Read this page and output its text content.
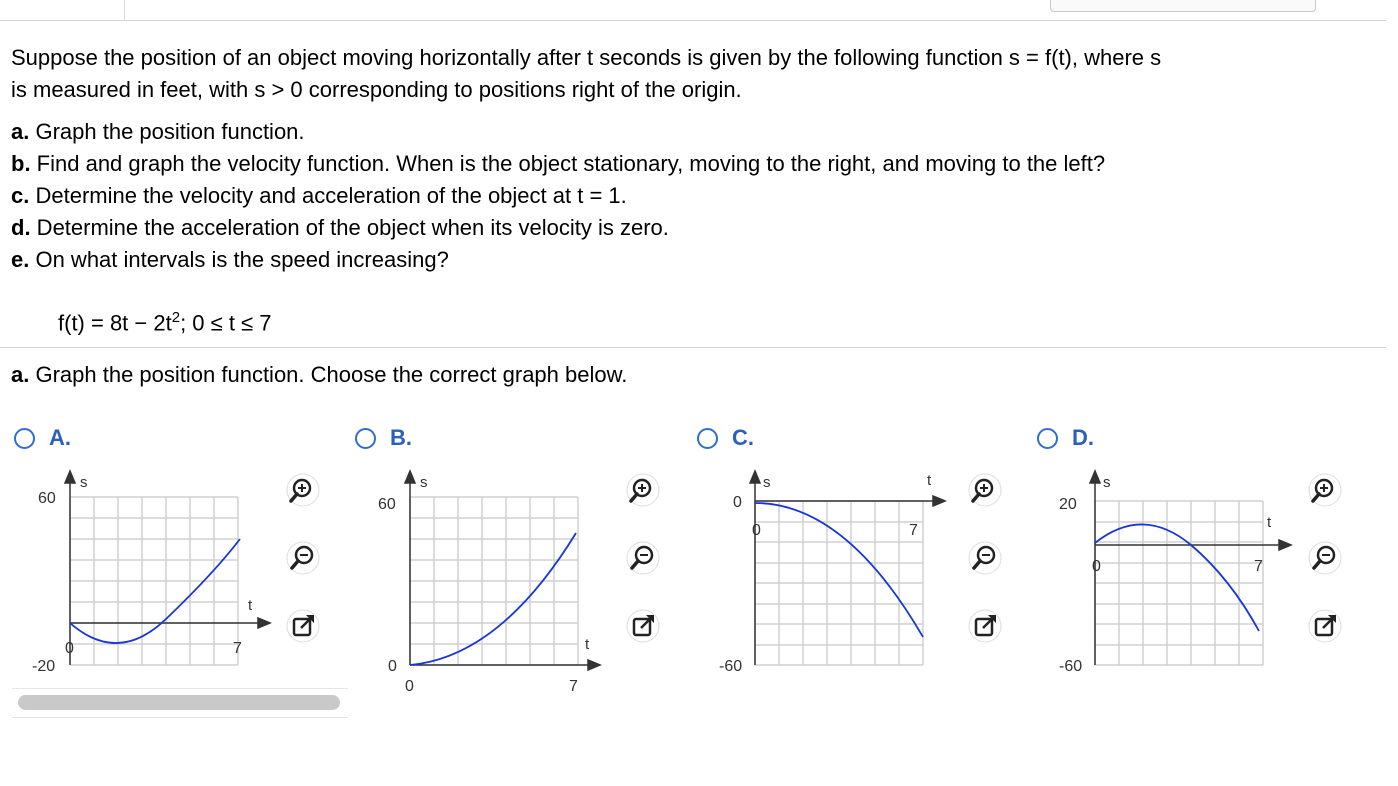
Suppose the position of an object moving horizontally after t seconds is given by the following function s = f(t), where s

is measured in feet, with s > 0 corresponding to positions right of the origin.

a. Graph the position function.
b. Find and graph the velocity function. When is the object stationary, moving to the right, and moving to the left?
c. Determine the velocity and acceleration of the object at t = 1.
d. Determine the acceleration of the object when its velocity is zero.
e. On what intervals is the speed increasing?
$f(t) = 8t - 2t^2$; 0 ≤ t ≤ 7
a. Graph the position function. Choose the correct graph below.
A.	B.	C.	D.
s
t
60
-20
0	7
s
t
60
0
0	7
s	t
0
-60
0	7
s
t
20
-60
0	7
